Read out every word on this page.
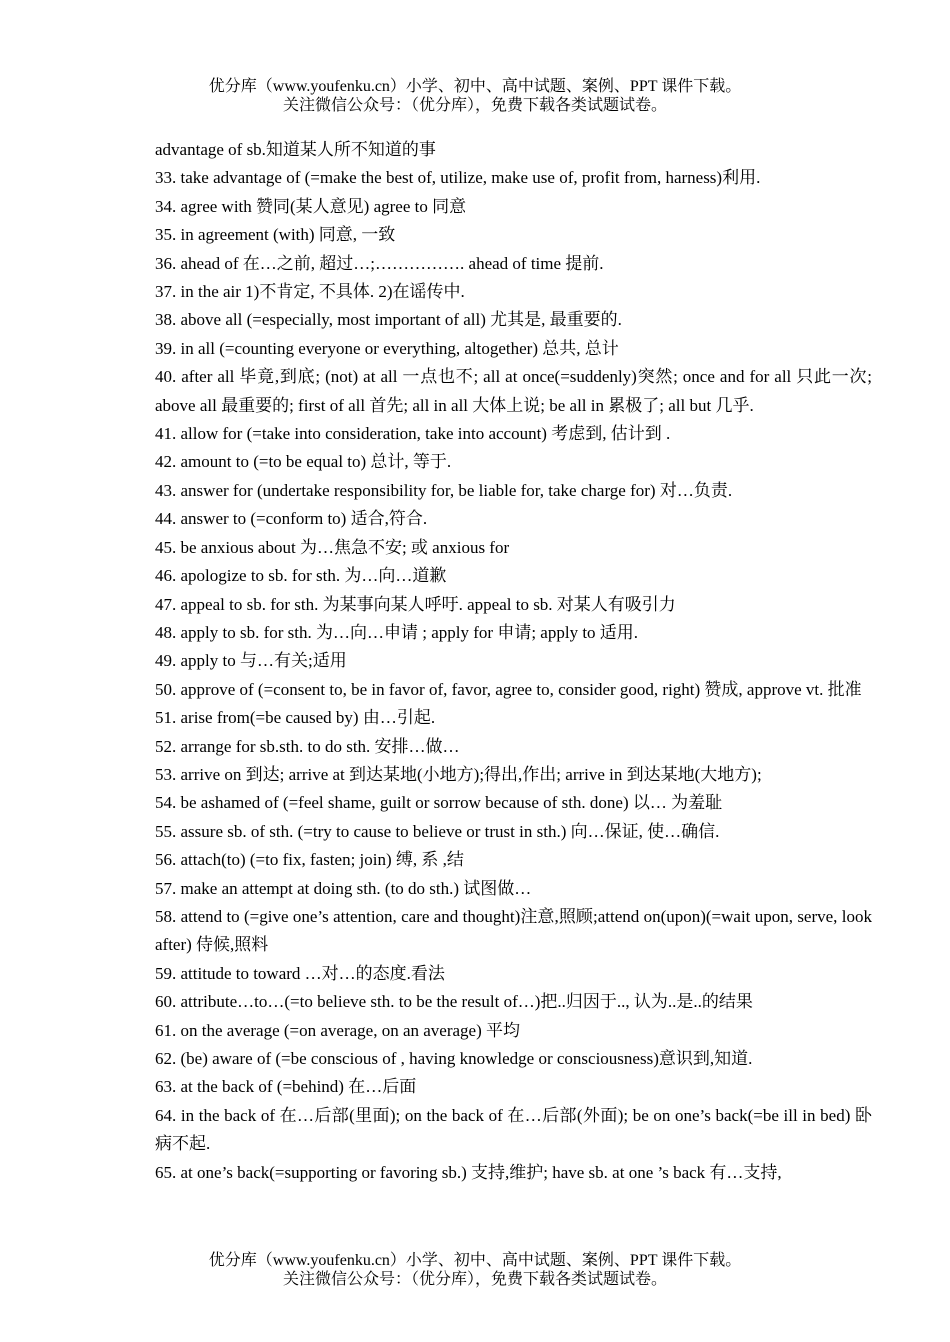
优分库（www.youfenku.cn）小学、初中、高中试题、案例、PPT 课件下载。
关注微信公众号：（优分库），免费下载各类试题试卷。

advantage of sb.知道某人所不知道的事

33. take advantage of (=make the best of, utilize, make use of, profit from, harness)利用.

34. agree with 赞同(某人意见) agree to 同意

35. in agreement (with) 同意, 一致

36. ahead of 在…之前, 超过…;……………. ahead of time 提前.

37. in the air 1)不肯定, 不具体. 2)在谣传中.

38. above all (=especially, most important of all) 尤其是, 最重要的.

39. in all (=counting everyone or everything, altogether) 总共, 总计

40. after all 毕竟,到底; (not) at all 一点也不; all at once(=suddenly)突然; once and for all 只此一次; above all 最重要的; first of all 首先; all in all 大体上说; be all in 累极了; all but 几乎.

41. allow for (=take into consideration, take into account) 考虑到, 估计到 .

42. amount to (=to be equal to) 总计, 等于.

43. answer for (undertake responsibility for, be liable for, take charge for) 对…负责.

44. answer to (=conform to) 适合,符合.

45. be anxious about 为…焦急不安; 或 anxious for

46. apologize to sb. for sth. 为…向…道歉

47. appeal to sb. for sth. 为某事向某人呼吁. appeal to sb. 对某人有吸引力

48. apply to sb. for sth. 为…向…申请 ; apply for 申请; apply to 适用.

49. apply to 与…有关;适用

50. approve of (=consent to, be in favor of, favor, agree to, consider good, right) 赞成, approve vt. 批准

51. arise from(=be caused by) 由…引起.

52. arrange for sb.sth. to do sth. 安排…做…

53. arrive on 到达; arrive at 到达某地(小地方);得出,作出; arrive in 到达某地(大地方);

54. be ashamed of (=feel shame, guilt or sorrow because of sth. done) 以… 为羞耻

55. assure sb. of sth. (=try to cause to believe or trust in sth.) 向…保证, 使…确信.

56. attach(to) (=to fix, fasten; join) 缚, 系 ,结

57. make an attempt at doing sth. (to do sth.) 试图做…

58. attend to (=give one’s attention, care and thought)注意,照顾;attend on(upon)(=wait upon, serve, look after) 侍候,照料

59. attitude to toward …对…的态度.看法

60. attribute…to…(=to believe sth. to be the result of…)把..归因于.., 认为..是..的结果

61. on the average (=on average, on an average) 平均

62. (be) aware of (=be conscious of , having knowledge or consciousness)意识到,知道.

63. at the back of (=behind) 在…后面

64. in the back of 在…后部(里面); on the back of 在…后部(外面); be on one’s back(=be ill in bed) 卧病不起.

65. at one’s back(=supporting or favoring sb.) 支持,维护; have sb. at one ’s back 有…支持,

优分库（www.youfenku.cn）小学、初中、高中试题、案例、PPT 课件下载。
关注微信公众号：（优分库），免费下载各类试题试卷。
